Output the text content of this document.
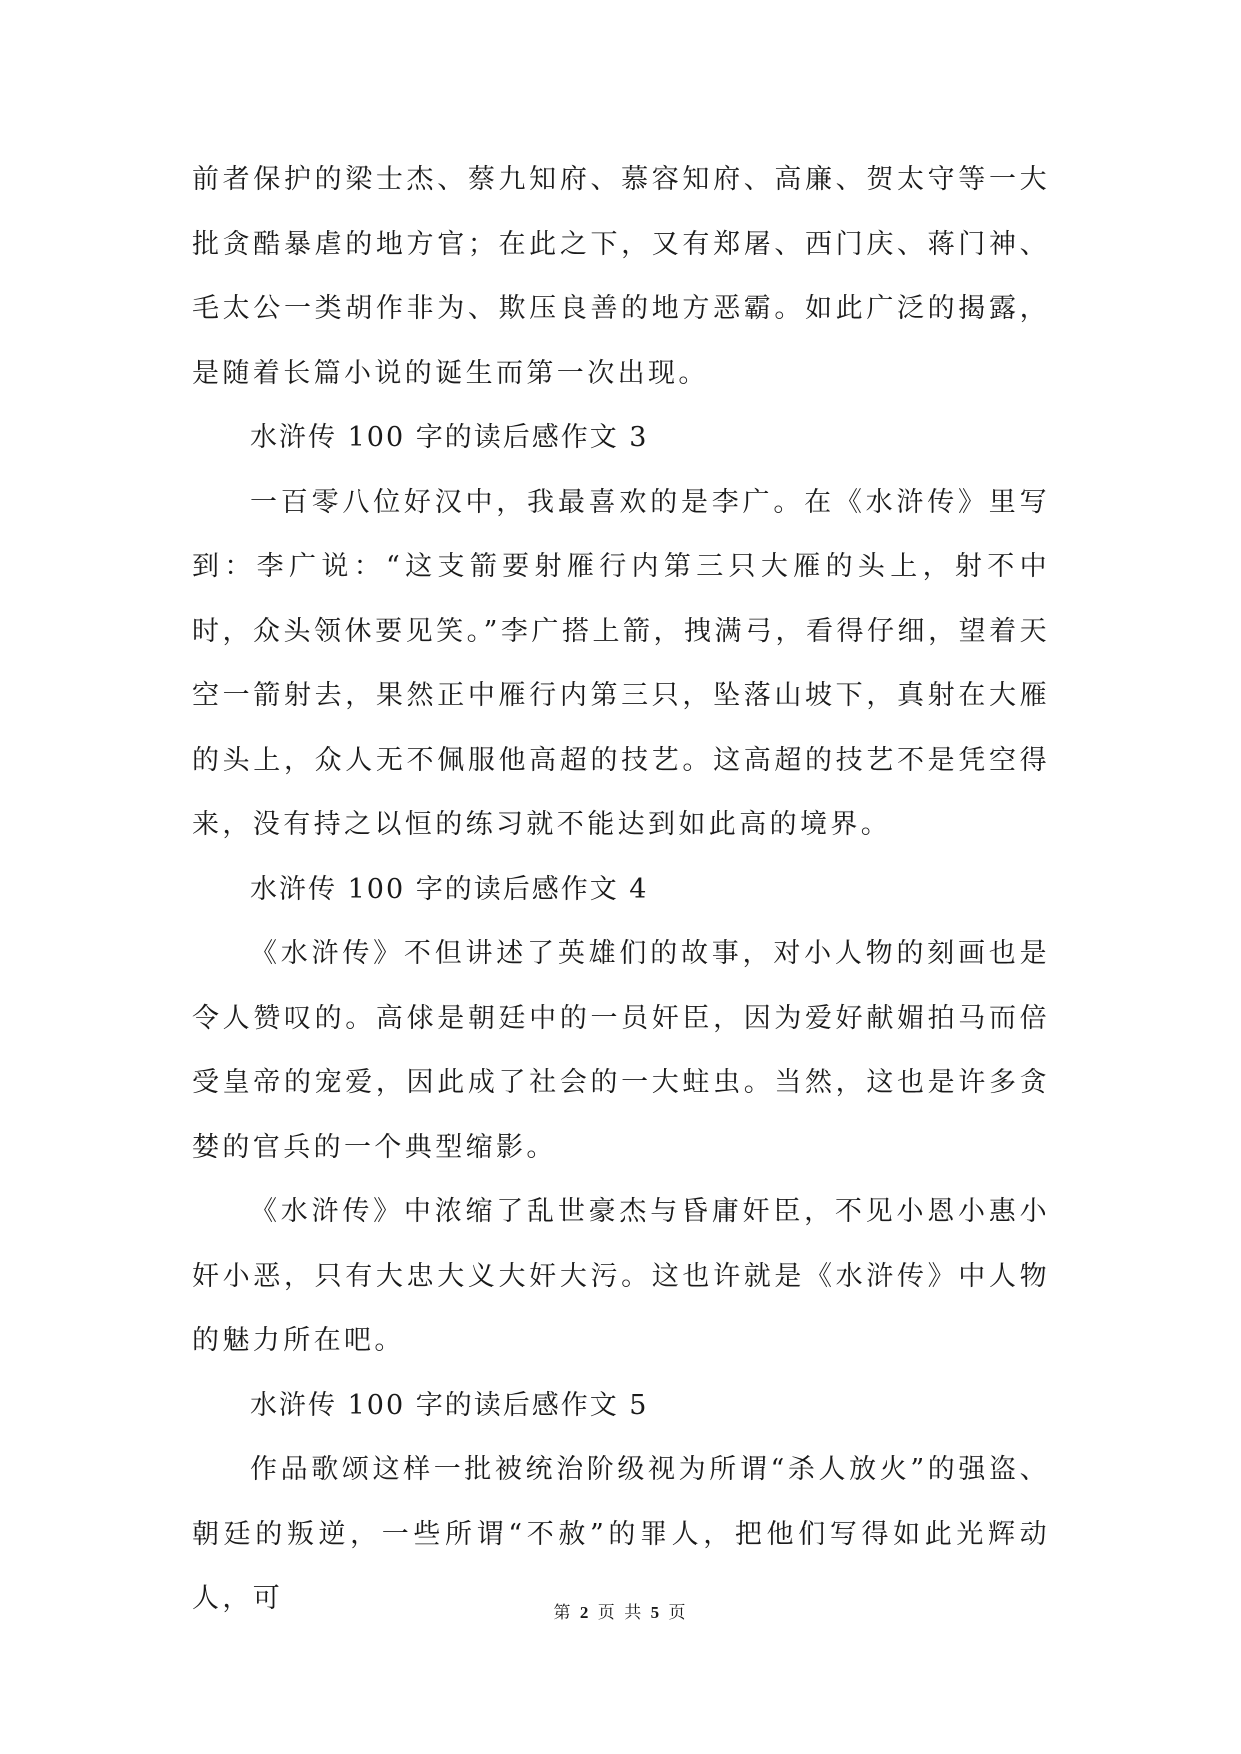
前者保护的梁士杰、蔡九知府、慕容知府、高廉、贺太守等一大批贪酷暴虐的地方官；在此之下，又有郑屠、西门庆、蒋门神、毛太公一类胡作非为、欺压良善的地方恶霸。如此广泛的揭露，是随着长篇小说的诞生而第一次出现。

水浒传 100 字的读后感作文 3

一百零八位好汉中，我最喜欢的是李广。在《水浒传》里写到：李广说：“这支箭要射雁行内第三只大雁的头上，射不中时，众头领休要见笑。”李广搭上箭，拽满弓，看得仔细，望着天空一箭射去，果然正中雁行内第三只，坠落山坡下，真射在大雁的头上，众人无不佩服他高超的技艺。这高超的技艺不是凭空得来，没有持之以恒的练习就不能达到如此高的境界。

水浒传 100 字的读后感作文 4

《水浒传》不但讲述了英雄们的故事，对小人物的刻画也是令人赞叹的。高俅是朝廷中的一员奸臣，因为爱好献媚拍马而倍受皇帝的宠爱，因此成了社会的一大蛀虫。当然，这也是许多贪婪的官兵的一个典型缩影。

《水浒传》中浓缩了乱世豪杰与昏庸奸臣，不见小恩小惠小奸小恶，只有大忠大义大奸大污。这也许就是《水浒传》中人物的魅力所在吧。

水浒传 100 字的读后感作文 5

作品歌颂这样一批被统治阶级视为所谓“杀人放火”的强盗、朝廷的叛逆，一些所谓“不赦”的罪人，把他们写得如此光辉动人，可	第 2 页 共 5 页
